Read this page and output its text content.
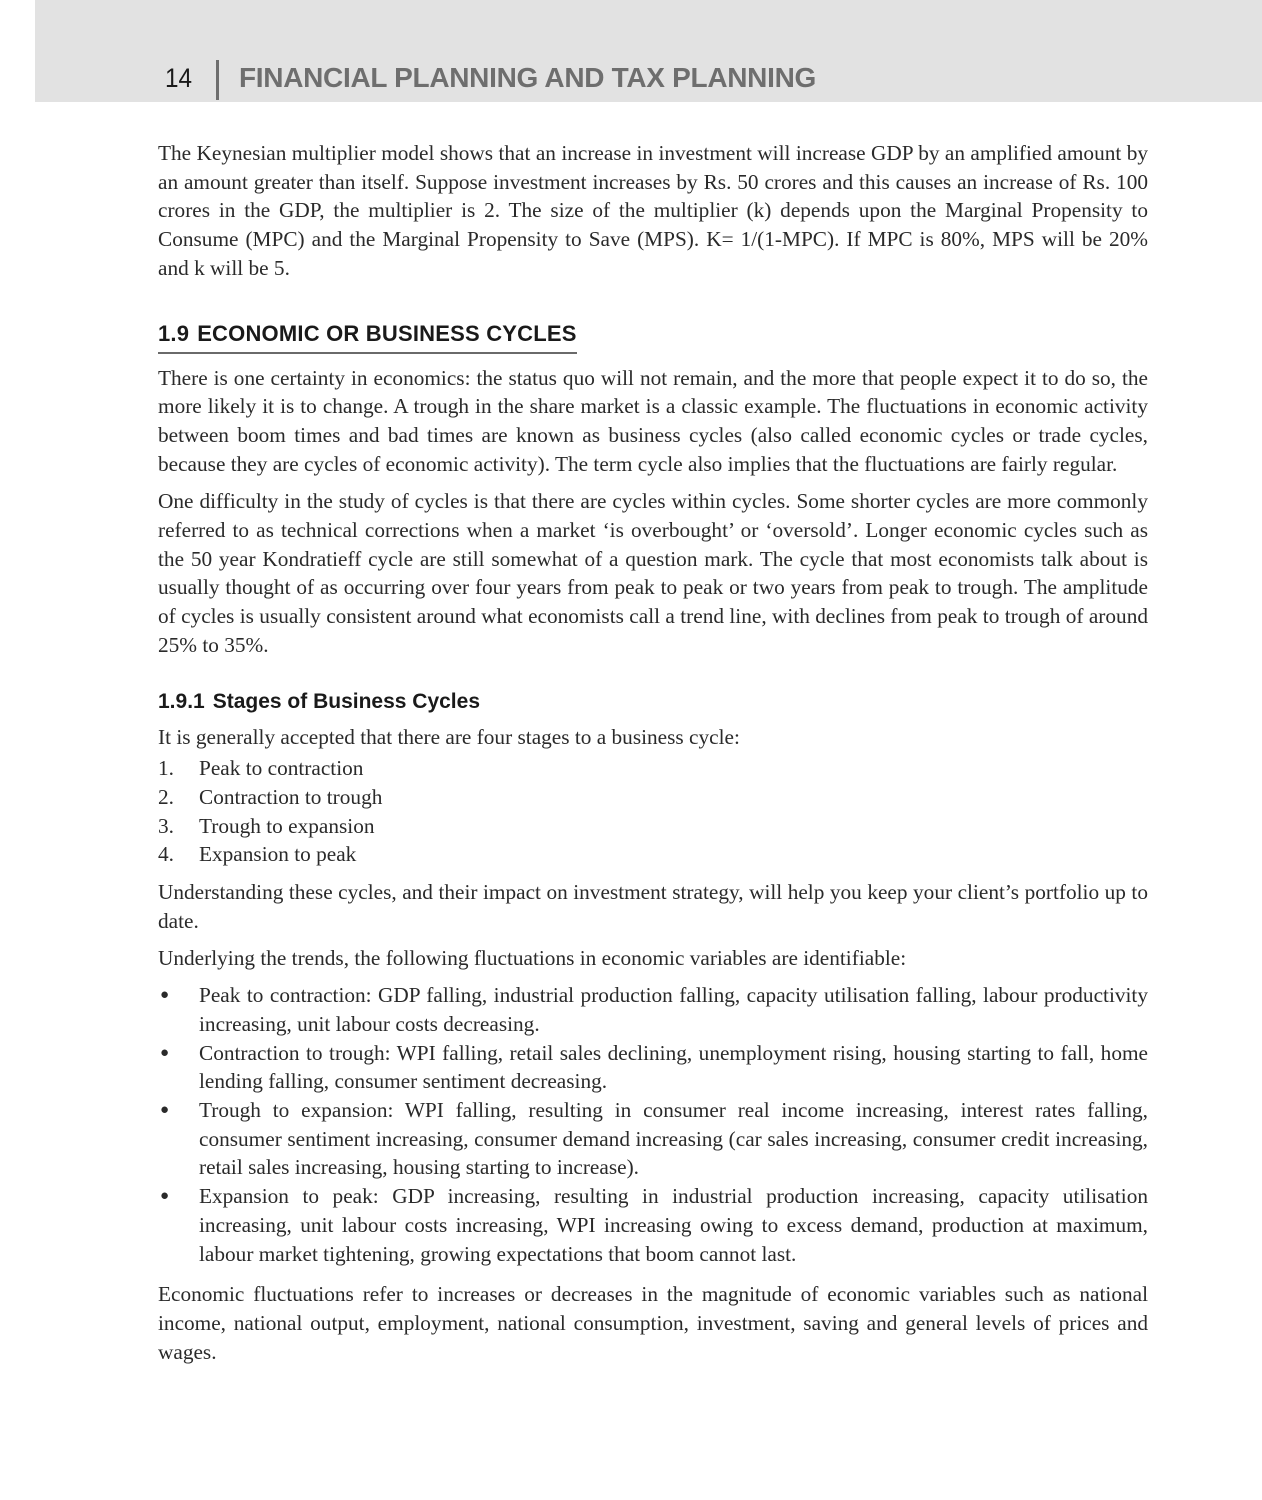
14 FINANCIAL PLANNING AND TAX PLANNING

The Keynesian multiplier model shows that an increase in investment will increase GDP by an amplified amount by an amount greater than itself. Suppose investment increases by Rs. 50 crores and this causes an increase of Rs. 100 crores in the GDP, the multiplier is 2. The size of the multiplier (k) depends upon the Marginal Propensity to Consume (MPC) and the Marginal Propensity to Save (MPS). K= 1/(1-MPC). If MPC is 80%, MPS will be 20% and k will be 5.

1.9 ECONOMIC OR BUSINESS CYCLES

There is one certainty in economics: the status quo will not remain, and the more that people expect it to do so, the more likely it is to change. A trough in the share market is a classic example. The fluctuations in economic activity between boom times and bad times are known as business cycles (also called economic cycles or trade cycles, because they are cycles of economic activity). The term cycle also implies that the fluctuations are fairly regular.

One difficulty in the study of cycles is that there are cycles within cycles. Some shorter cycles are more commonly referred to as technical corrections when a market ‘is overbought’ or ‘oversold’. Longer economic cycles such as the 50 year Kondratieff cycle are still somewhat of a question mark. The cycle that most economists talk about is usually thought of as occurring over four years from peak to peak or two years from peak to trough. The amplitude of cycles is usually consistent around what economists call a trend line, with declines from peak to trough of around 25% to 35%.

1.9.1 Stages of Business Cycles

It is generally accepted that there are four stages to a business cycle:

1.	Peak to contraction
2.	Contraction to trough
3.	Trough to expansion
4.	Expansion to peak

Understanding these cycles, and their impact on investment strategy, will help you keep your client’s portfolio up to date.

Underlying the trends, the following fluctuations in economic variables are identifiable:

●	Peak to contraction: GDP falling, industrial production falling, capacity utilisation falling, labour productivity increasing, unit labour costs decreasing.
●	Contraction to trough: WPI falling, retail sales declining, unemployment rising, housing starting to fall, home lending falling, consumer sentiment decreasing.
●	Trough to expansion: WPI falling, resulting in consumer real income increasing, interest rates falling, consumer sentiment increasing, consumer demand increasing (car sales increasing, consumer credit increasing, retail sales increasing, housing starting to increase).
●	Expansion to peak: GDP increasing, resulting in industrial production increasing, capacity utilisation increasing, unit labour costs increasing, WPI increasing owing to excess demand, production at maximum, labour market tightening, growing expectations that boom cannot last.

Economic fluctuations refer to increases or decreases in the magnitude of economic variables such as national income, national output, employment, national consumption, investment, saving and general levels of prices and wages.
